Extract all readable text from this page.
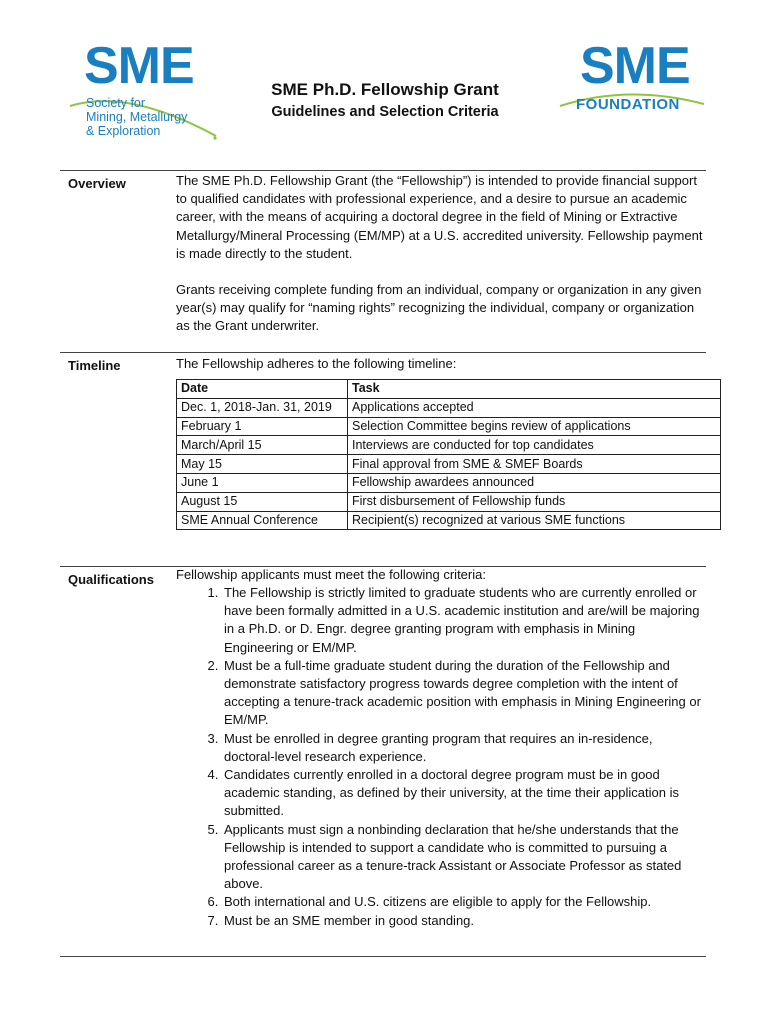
SME
Society for
Mining, Metallurgy
& Exploration
SME Ph.D. Fellowship Grant
Guidelines and Selection Criteria
SME
FOUNDATION
Overview	The SME Ph.D. Fellowship Grant (the “Fellowship”) is intended to provide financial support to qualified candidates with professional experience, and a desire to pursue an academic career, with the means of acquiring a doctoral degree in the field of Mining or Extractive Metallurgy/Mineral Processing (EM/MP) at a U.S. accredited university. Fellowship payment is made directly to the student.
Grants receiving complete funding from an individual, company or organization in any given year(s) may qualify for “naming rights” recognizing the individual, company or organization as the Grant underwriter.
Timeline	The Fellowship adheres to the following timeline:
Date	Task
Dec. 1, 2018-Jan. 31, 2019	Applications accepted
February 1	Selection Committee begins review of applications
March/April 15	Interviews are conducted for top candidates
May 15	Final approval from SME & SMEF Boards
June 1	Fellowship awardees announced
August 15	First disbursement of Fellowship funds
SME Annual Conference	Recipient(s) recognized at various SME functions
Qualifications Fellowship applicants must meet the following criteria:
1. The Fellowship is strictly limited to graduate students who are currently enrolled or have been formally admitted in a U.S. academic institution and are/will be majoring in a Ph.D. or D. Engr. degree granting program with emphasis in Mining Engineering or EM/MP.
2. Must be a full-time graduate student during the duration of the Fellowship and demonstrate satisfactory progress towards degree completion with the intent of accepting a tenure-track academic position with emphasis in Mining Engineering or EM/MP.
3. Must be enrolled in degree granting program that requires an in-residence, doctoral-level research experience.
4. Candidates currently enrolled in a doctoral degree program must be in good academic standing, as defined by their university, at the time their application is submitted.
5. Applicants must sign a nonbinding declaration that he/she understands that the Fellowship is intended to support a candidate who is committed to pursuing a professional career as a tenure-track Assistant or Associate Professor as stated above.
6. Both international and U.S. citizens are eligible to apply for the Fellowship.
7. Must be an SME member in good standing.
